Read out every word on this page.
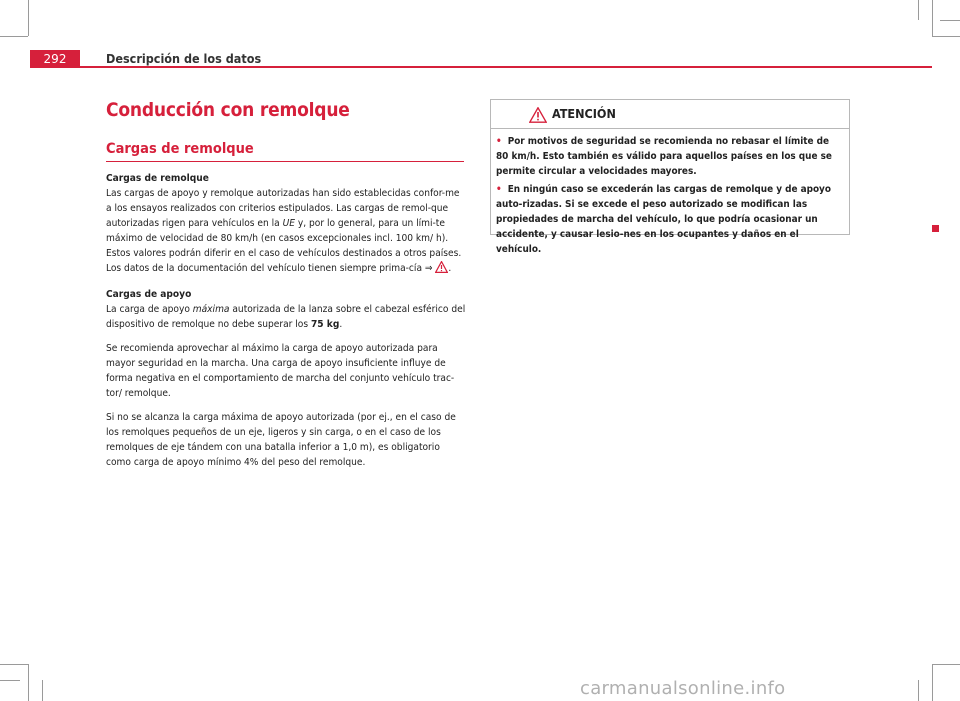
292	Descripción de los datos
Conducción con remolque
Cargas de remolque

Cargas de remolque

Las cargas de apoyo y remolque autorizadas han sido establecidas confor-me a los ensayos realizados con criterios estipulados. Las cargas de remol-que autorizadas rigen para vehículos en la UE y, por lo general, para un lími-te máximo de velocidad de 80 km/h (en casos excepcionales incl. 100 km/ h). Estos valores podrán diferir en el caso de vehículos destinados a otros países. Los datos de la documentación del vehículo tienen siempre prima-cía ⇒ .

Cargas de apoyo

La carga de apoyo máxima autorizada de la lanza sobre el cabezal esférico del dispositivo de remolque no debe superar los 75 kg.

Se recomienda aprovechar al máximo la carga de apoyo autorizada para mayor seguridad en la marcha. Una carga de apoyo insuficiente influye de forma negativa en el comportamiento de marcha del conjunto vehículo trac-tor/ remolque.

Si no se alcanza la carga máxima de apoyo autorizada (por ej., en el caso de los remolques pequeños de un eje, ligeros y sin carga, o en el caso de los remolques de eje tándem con una batalla inferior a 1,0 m), es obligatorio como carga de apoyo mínimo 4% del peso del remolque.

ATENCIÓN

• Por motivos de seguridad se recomienda no rebasar el límite de 80 km/h. Esto también es válido para aquellos países en los que se permite circular a velocidades mayores.

• En ningún caso se excederán las cargas de remolque y de apoyo auto-rizadas. Si se excede el peso autorizado se modifican las propiedades de marcha del vehículo, lo que podría ocasionar un accidente, y causar lesio-nes en los ocupantes y daños en el vehículo.

carmanualsonline.info
